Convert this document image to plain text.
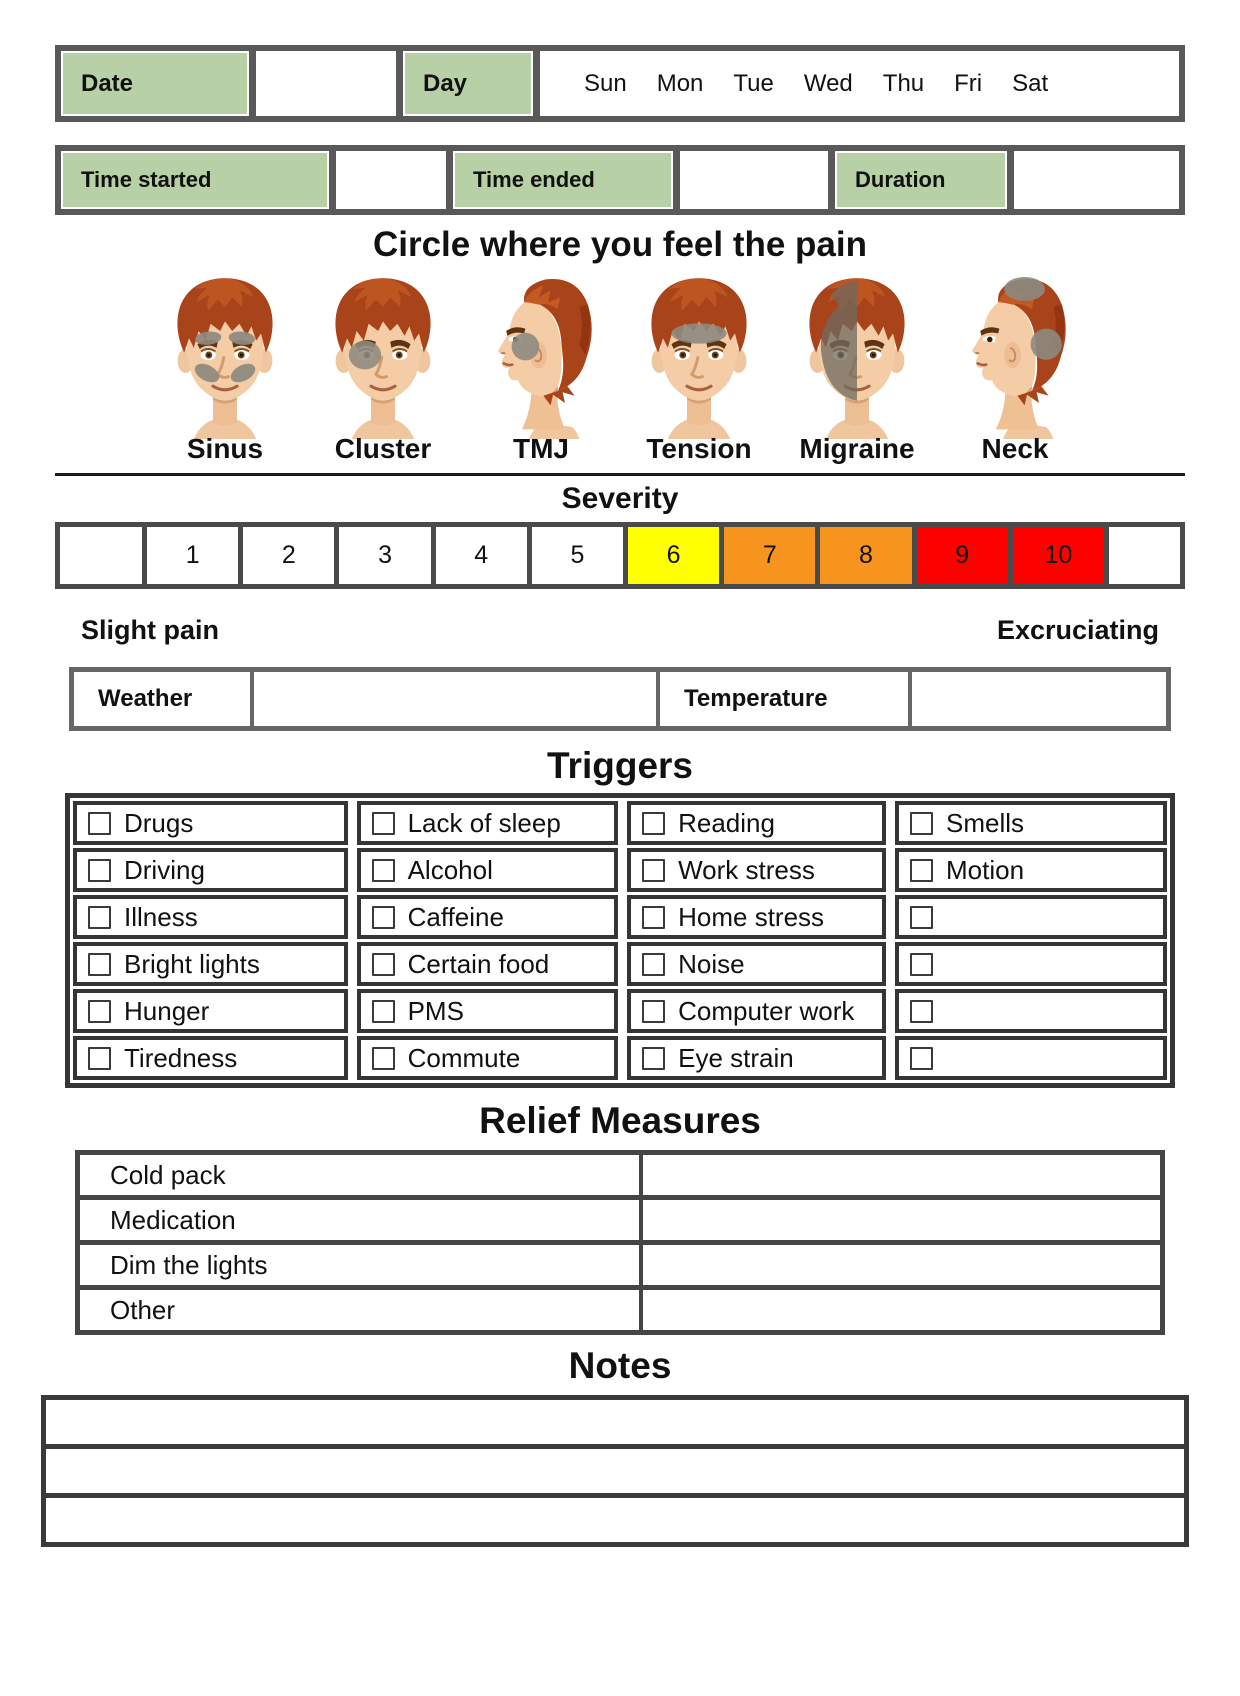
Date	Day	Sun Mon Tue Wed Thu Fri Sat
Time started	Time ended	Duration
Circle where you feel the pain
Sinus	Cluster	TMJ	Tension	Migraine	Neck
Severity
1	2	3	4	5	6	7	8	9	10
Slight pain	Excruciating
Weather	Temperature
Triggers
Drugs	Lack of sleep	Reading	Smells
Driving	Alcohol	Work stress	Motion
Illness	Caffeine	Home stress
Bright lights	Certain food	Noise
Hunger	PMS	Computer work
Tiredness	Commute	Eye strain
Relief Measures
Cold pack
Medication
Dim the lights
Other
Notes
